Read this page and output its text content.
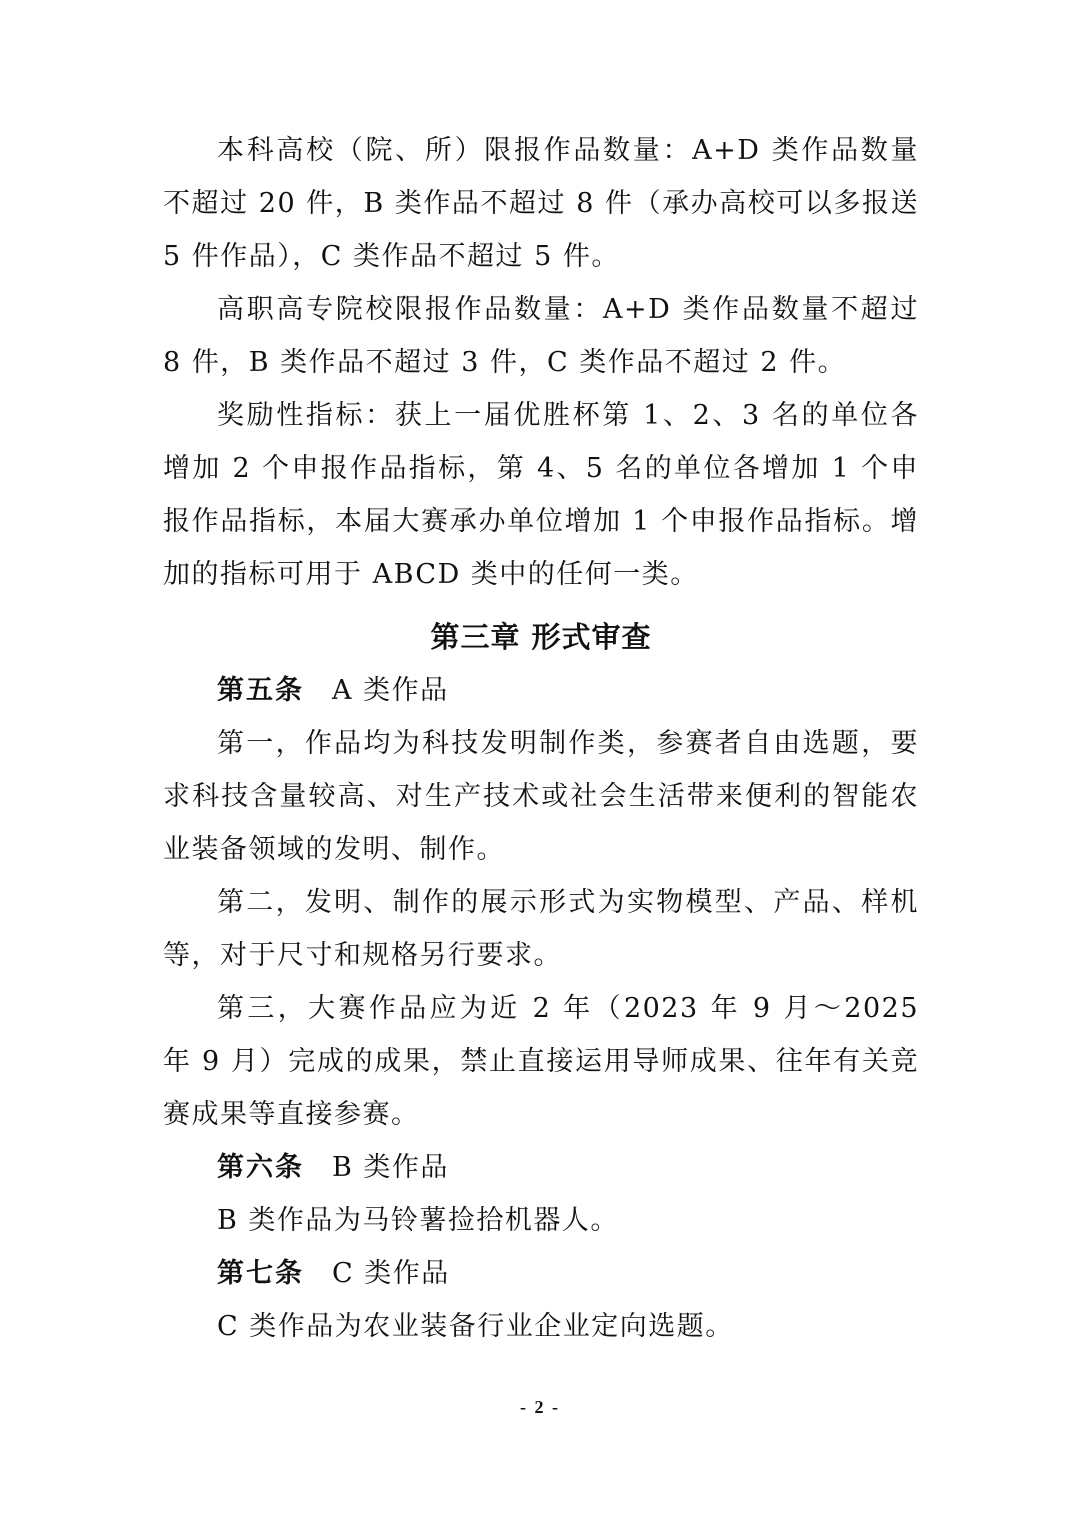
本科高校（院、所）限报作品数量：A+D 类作品数量不超过 20 件，B 类作品不超过 8 件（承办高校可以多报送 5 件作品），C 类作品不超过 5 件。

高职高专院校限报作品数量：A+D 类作品数量不超过 8 件，B 类作品不超过 3 件，C 类作品不超过 2 件。

奖励性指标：获上一届优胜杯第 1、2、3 名的单位各增加 2 个申报作品指标，第 4、5 名的单位各增加 1 个申报作品指标，本届大赛承办单位增加 1 个申报作品指标。增加的指标可用于 ABCD 类中的任何一类。

第三章 形式审查

第五条 A 类作品

第一，作品均为科技发明制作类，参赛者自由选题，要求科技含量较高、对生产技术或社会生活带来便利的智能农业装备领域的发明、制作。

第二，发明、制作的展示形式为实物模型、产品、样机等，对于尺寸和规格另行要求。

第三，大赛作品应为近 2 年（2023 年 9 月～2025 年 9 月）完成的成果，禁止直接运用导师成果、往年有关竞赛成果等直接参赛。

第六条 B 类作品

B 类作品为马铃薯捡拾机器人。

第七条 C 类作品

C 类作品为农业装备行业企业定向选题。

- 2 -
